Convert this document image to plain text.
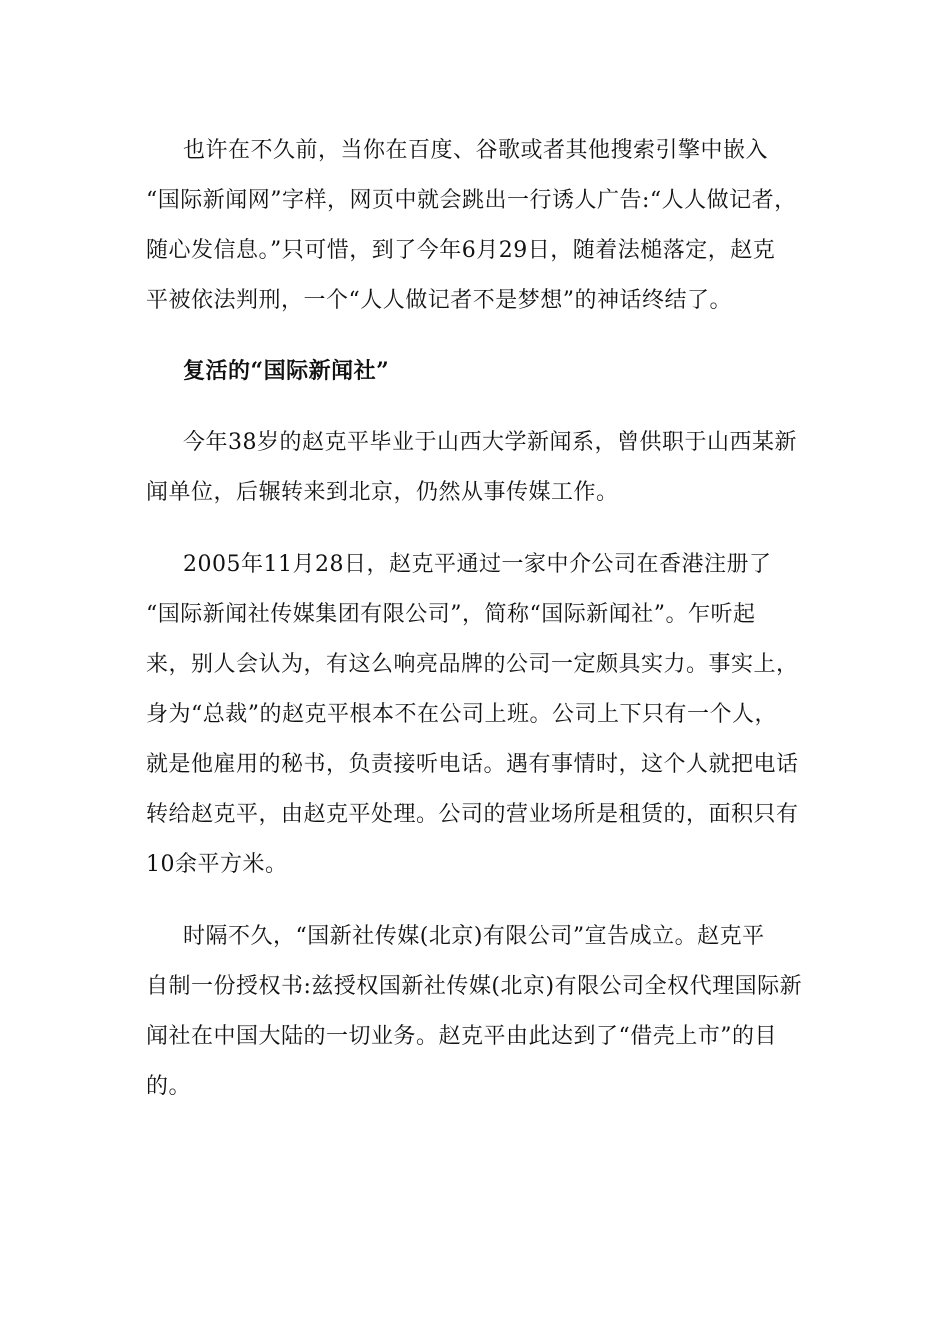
也许在不久前，当你在百度、谷歌或者其他搜索引擎中嵌入

“国际新闻网”字样，网页中就会跳出一行诱人广告:“人人做记者，

随心发信息。”只可惜，到了今年6月29日，随着法槌落定，赵克

平被依法判刑，一个“人人做记者不是梦想”的神话终结了。

复活的“国际新闻社”

今年38岁的赵克平毕业于山西大学新闻系，曾供职于山西某新

闻单位，后辗转来到北京，仍然从事传媒工作。

2005年11月28日，赵克平通过一家中介公司在香港注册了

“国际新闻社传媒集团有限公司”，简称“国际新闻社”。乍听起

来，别人会认为，有这么响亮品牌的公司一定颇具实力。事实上，

身为“总裁”的赵克平根本不在公司上班。公司上下只有一个人，

就是他雇用的秘书，负责接听电话。遇有事情时，这个人就把电话

转给赵克平，由赵克平处理。公司的营业场所是租赁的，面积只有

10余平方米。

时隔不久，“国新社传媒(北京)有限公司”宣告成立。赵克平

自制一份授权书:兹授权国新社传媒(北京)有限公司全权代理国际新

闻社在中国大陆的一切业务。赵克平由此达到了“借壳上市”的目

的。
